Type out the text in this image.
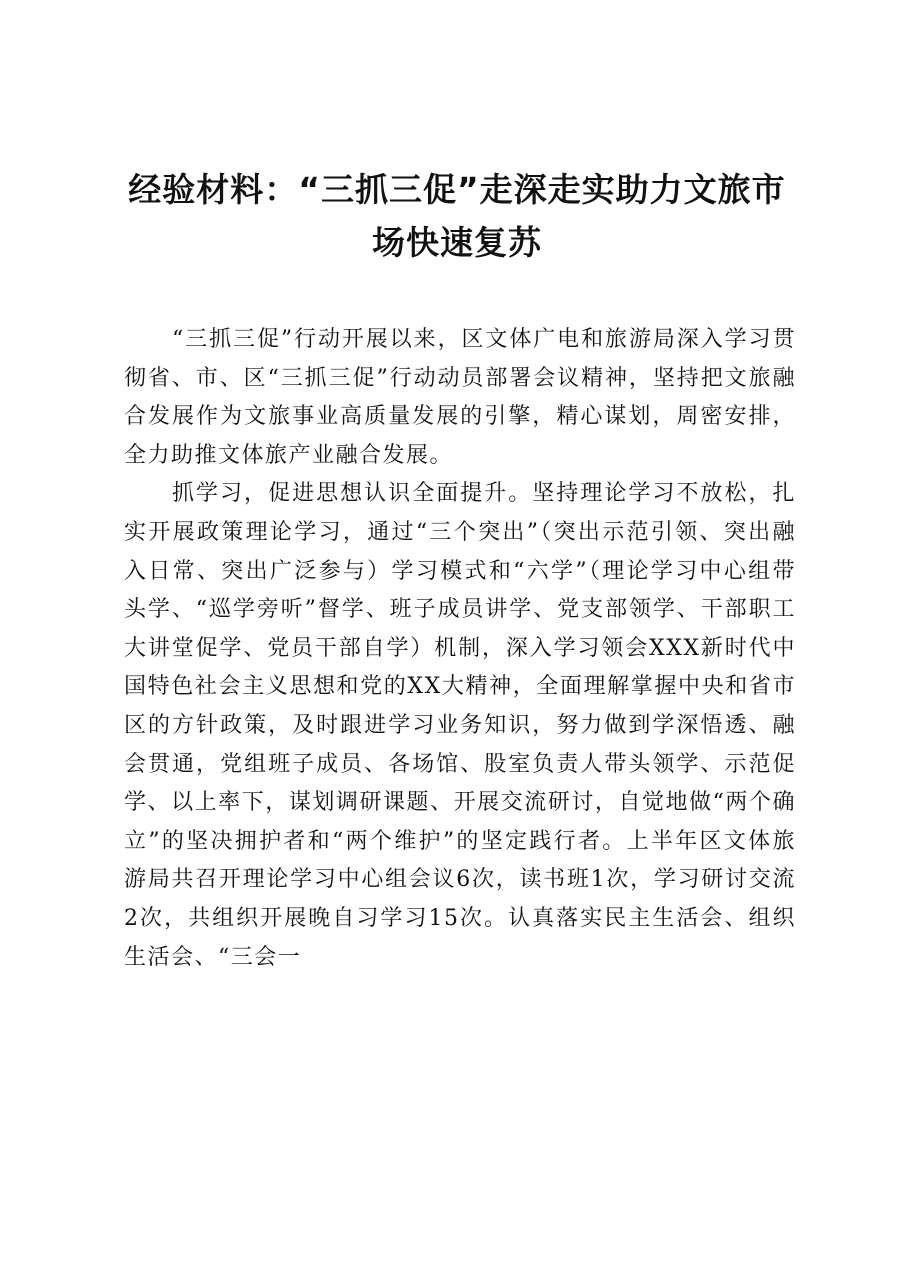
经验材料：“三抓三促”走深走实助力文旅市场快速复苏

“三抓三促”行动开展以来，区文体广电和旅游局深入学习贯彻省、市、区“三抓三促”行动动员部署会议精神，坚持把文旅融合发展作为文旅事业高质量发展的引擎，精心谋划，周密安排，全力助推文体旅产业融合发展。

抓学习，促进思想认识全面提升。坚持理论学习不放松，扎实开展政策理论学习，通过“三个突出”（突出示范引领、突出融入日常、突出广泛参与）学习模式和“六学”（理论学习中心组带头学、“巡学旁听”督学、班子成员讲学、党支部领学、干部职工大讲堂促学、党员干部自学）机制，深入学习领会XXX新时代中国特色社会主义思想和党的XX大精神，全面理解掌握中央和省市区的方针政策，及时跟进学习业务知识，努力做到学深悟透、融会贯通，党组班子成员、各场馆、股室负责人带头领学、示范促学、以上率下，谋划调研课题、开展交流研讨，自觉地做“两个确立”的坚决拥护者和“两个维护”的坚定践行者。上半年区文体旅游局共召开理论学习中心组会议6次，读书班1次，学习研讨交流2次，共组织开展晚自习学习15次。认真落实民主生活会、组织生活会、“三会一
